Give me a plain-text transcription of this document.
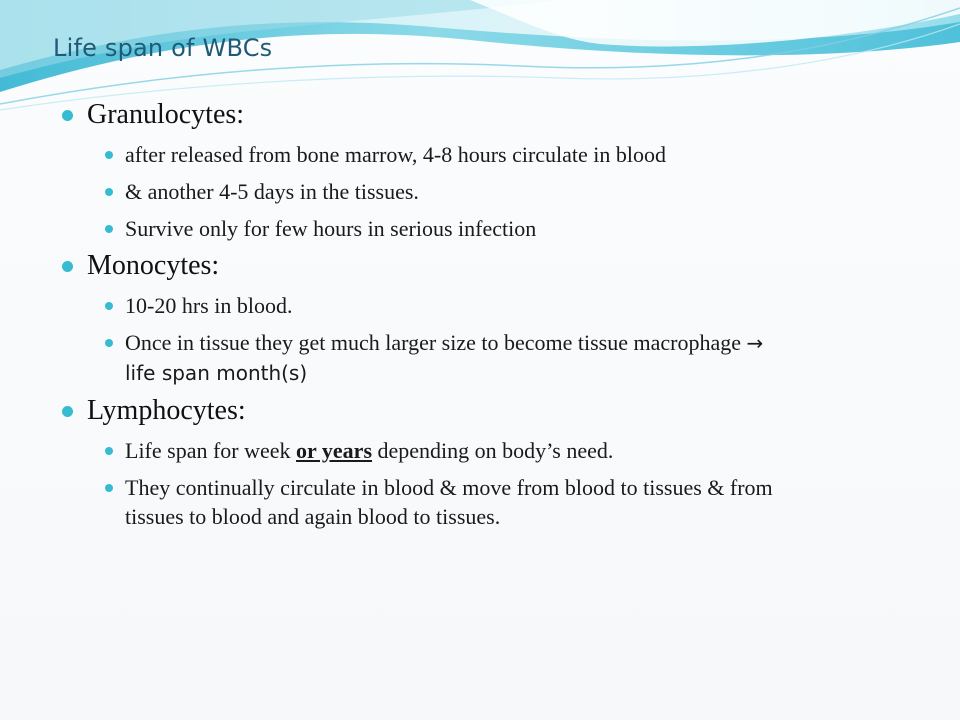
Life span of WBCs
Granulocytes:
after released from bone marrow, 4-8 hours circulate in blood
& another 4-5 days in the tissues.
Survive only for few hours in serious infection
Monocytes:
10-20 hrs in blood.
Once in tissue they get much larger size to become tissue macrophage → life span month(s)
Lymphocytes:
Life span for week or years depending on body’s need.
They continually circulate in blood & move from blood to tissues & from tissues to blood and again blood to tissues.
